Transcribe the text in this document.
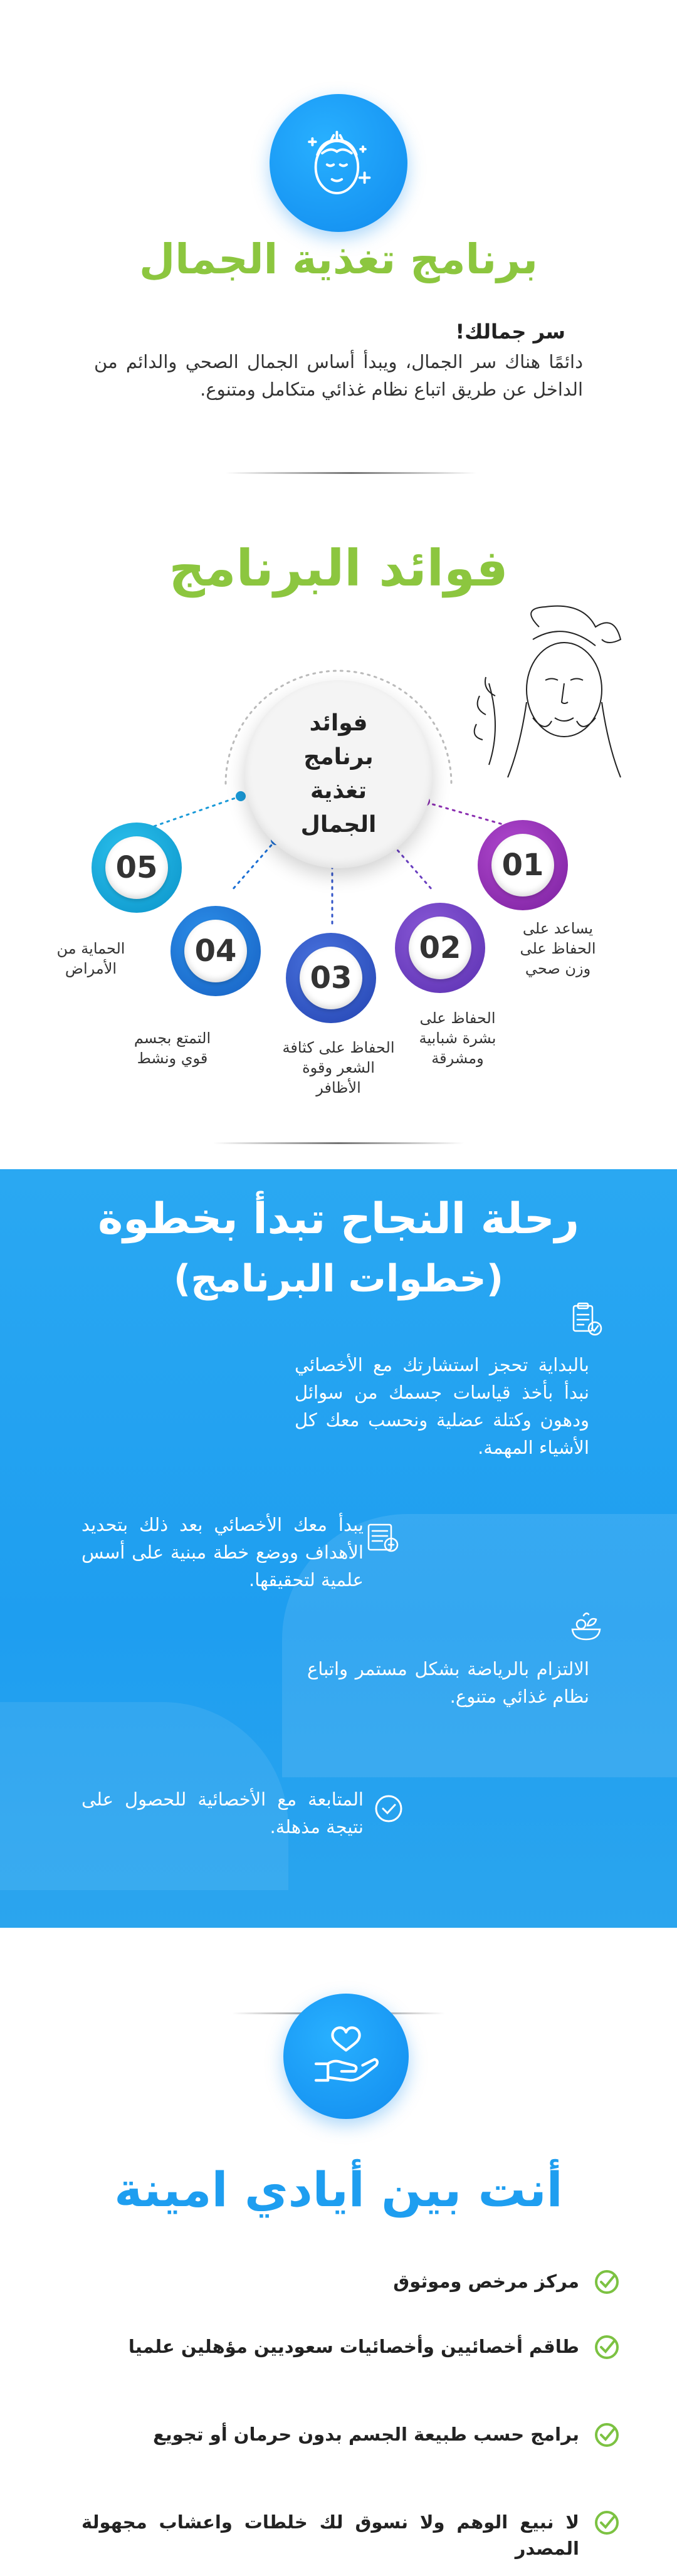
برنامج تغذية الجمال
سر جمالك!
دائمًا هناك سر الجمال، ويبدأ أساس الجمال الصحي والدائم من الداخل عن طريق اتباع نظام غذائي متكامل ومتنوع.
فوائد البرنامج
فوائد برنامج تغذية الجمال
01
02
03
04
05
يساعد على الحفاظ على وزن صحي
الحفاظ على بشرة شبابية ومشرقة
الحفاظ على كثافة الشعر وقوة الأظافر
التمتع بجسم قوي ونشط
الحماية من الأمراض
رحلة النجاح تبدأ بخطوة
(خطوات البرنامج)
بالبداية تحجز استشارتك مع الأخصائي نبدأ بأخذ قياسات جسمك من سوائل ودهون وكتلة عضلية ونحسب معك كل الأشياء المهمة.
يبدأ معك الأخصائي بعد ذلك بتحديد الأهداف ووضع خطة مبنية على أسس علمية لتحقيقها.
الالتزام بالرياضة بشكل مستمر واتباع نظام غذائي متنوع.
المتابعة مع الأخصائية للحصول على نتيجة مذهلة.
أنت بين أيادي امينة
مركز مرخص وموثوق
طاقم أخصائيين وأخصائيات سعوديين مؤهلين علميا
برامج حسب طبيعة الجسم بدون حرمان أو تجويع
لا نبيع الوهم ولا نسوق لك خلطات واعشاب مجهولة المصدر
